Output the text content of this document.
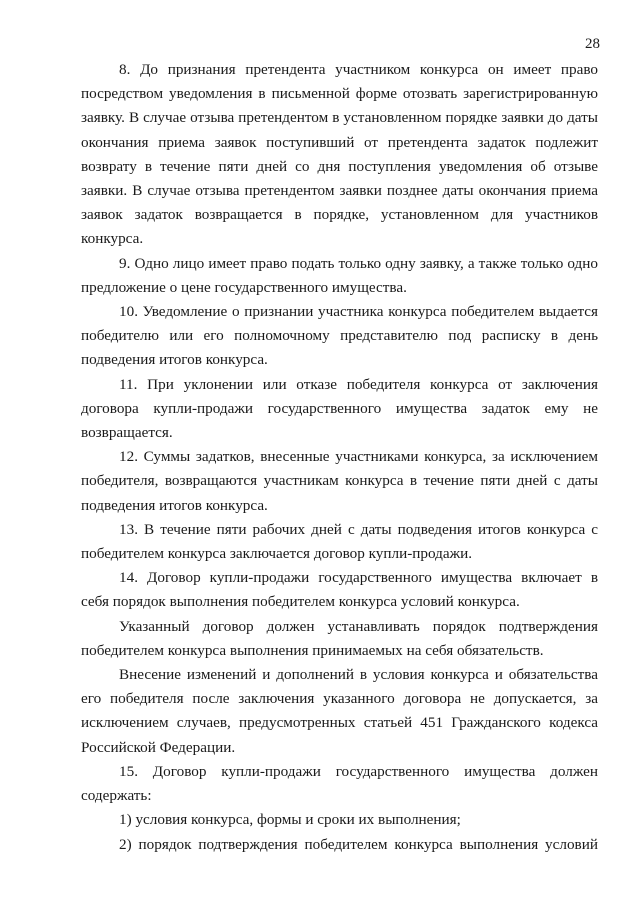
28

8. До признания претендента участником конкурса он имеет право посредством уведомления в письменной форме отозвать зарегистрированную заявку. В случае отзыва претендентом в установленном порядке заявки до даты окончания приема заявок поступивший от претендента задаток подлежит возврату в течение пяти дней со дня поступления уведомления об отзыве заявки. В случае отзыва претендентом заявки позднее даты окончания приема заявок задаток возвращается в порядке, установленном для участников конкурса.

9. Одно лицо имеет право подать только одну заявку, а также только одно предложение о цене государственного имущества.

10. Уведомление о признании участника конкурса победителем выдается победителю или его полномочному представителю под расписку в день подведения итогов конкурса.

11. При уклонении или отказе победителя конкурса от заключения договора купли-продажи государственного имущества задаток ему не возвращается.

12. Суммы задатков, внесенные участниками конкурса, за исключением победителя, возвращаются участникам конкурса в течение пяти дней с даты подведения итогов конкурса.

13. В течение пяти рабочих дней с даты подведения итогов конкурса с победителем конкурса заключается договор купли-продажи.

14. Договор купли-продажи государственного имущества включает в себя порядок выполнения победителем конкурса условий конкурса.

Указанный договор должен устанавливать порядок подтверждения победителем конкурса выполнения принимаемых на себя обязательств.

Внесение изменений и дополнений в условия конкурса и обязательства его победителя после заключения указанного договора не допускается, за исключением случаев, предусмотренных статьей 451 Гражданского кодекса Российской Федерации.

15. Договор купли-продажи государственного имущества должен содержать:

1) условия конкурса, формы и сроки их выполнения;

2) порядок подтверждения победителем конкурса выполнения условий
